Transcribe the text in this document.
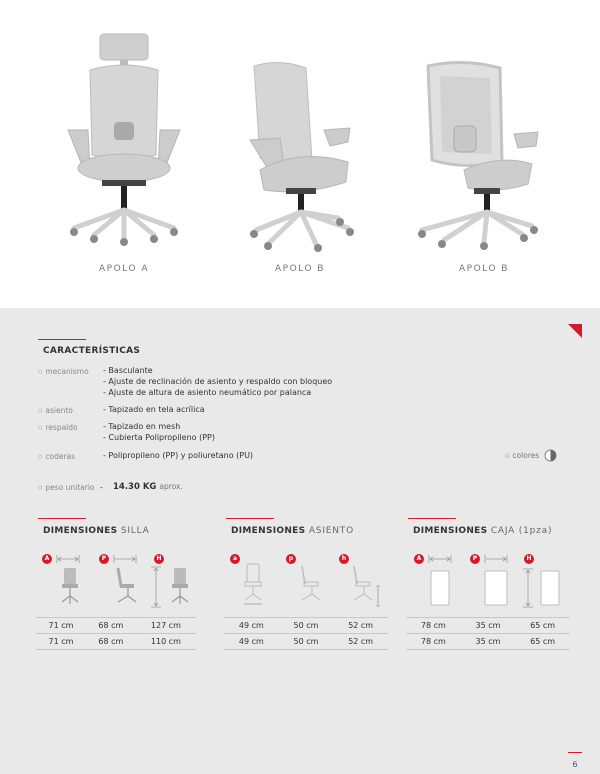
APOLO A	APOLO B	APOLO B
CARACTERÍSTICAS
○ mecanismo - Basculante
- Ajuste de reclinación de asiento y respaldo con bloqueo
- Ajuste de altura de asiento neumático por palanca
○ asiento	- Tapizado en tela acrílica
○ respaldo	- Tapizado en mesh
- Cubierta Polipropileno (PP)
○ coderas	- Polipropileno (PP) y poliuretano (PU)	○ colores
○ peso unitario - 14.30 KG aprox.
DIMENSIONES SILLA
A	P	H
71 cm	68 cm	127 cm
71 cm	68 cm	110 cm
DIMENSIONES ASIENTO
a	p	h
49 cm	50 cm	52 cm
49 cm	50 cm	52 cm
DIMENSIONES CAJA (1pza)
A	P	H
78 cm	35 cm	65 cm
78 cm	35 cm	65 cm
6
